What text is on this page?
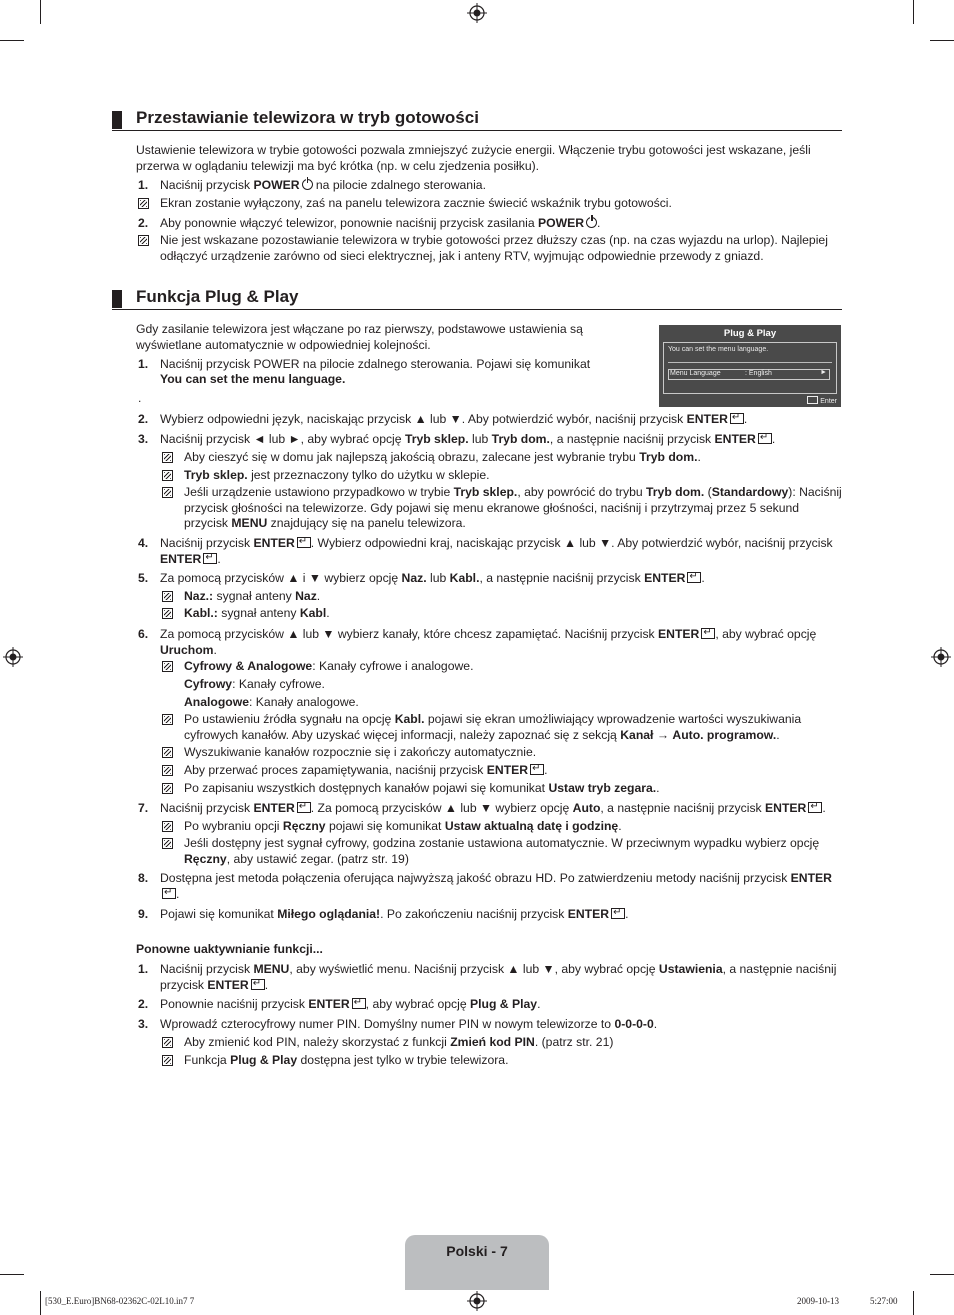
Przestawianie telewizora w tryb gotowości
Ustawienie telewizora w trybie gotowości pozwala zmniejszyć zużycie energii. Włączenie trybu gotowości jest wskazane, jeśli przerwa w oglądaniu telewizji ma być krótka (np. w celu zjedzenia posiłku).
1. Naciśnij przycisk POWER na pilocie zdalnego sterowania.
Ekran zostanie wyłączony, zaś na panelu telewizora zacznie świecić wskaźnik trybu gotowości.
2. Aby ponownie włączyć telewizor, ponownie naciśnij przycisk zasilania POWER .
Nie jest wskazane pozostawianie telewizora w trybie gotowości przez dłuższy czas (np. na czas wyjazdu na urlop). Najlepiej odłączyć urządzenie zarówno od sieci elektrycznej, jak i anteny RTV, wyjmując odpowiednie przewody z gniazd.
Funkcja Plug & Play
Gdy zasilanie telewizora jest włączane po raz pierwszy, podstawowe ustawienia są wyświetlane automatycznie w odpowiedniej kolejności.
Plug & Play
You can set the menu language.
Menu Language	: English	►
Enter
1. Naciśnij przycisk POWER na pilocie zdalnego sterowania. Pojawi się komunikat
You can set the menu language.
.
2. Wybierz odpowiedni język, naciskając przycisk ▲ lub ▼. Aby potwierdzić wybór, naciśnij przycisk ENTER ↵ .
3. Naciśnij przycisk ◄ lub ►, aby wybrać opcję Tryb sklep. lub Tryb dom., a następnie naciśnij przycisk ENTER ↵ .
Aby cieszyć się w domu jak najlepszą jakością obrazu, zalecane jest wybranie trybu Tryb dom..
Tryb sklep. jest przeznaczony tylko do użytku w sklepie.
Jeśli urządzenie ustawiono przypadkowo w trybie Tryb sklep., aby powrócić do trybu Tryb dom. (Standardowy): Naciśnij przycisk głośności na telewizorze. Gdy pojawi się menu ekranowe głośności, naciśnij i przytrzymaj przez 5 sekund przycisk MENU znajdujący się na panelu telewizora.
4. Naciśnij przycisk ENTER ↵ . Wybierz odpowiedni kraj, naciskając przycisk ▲ lub ▼. Aby potwierdzić wybór, naciśnij przycisk ENTER ↵ .
5. Za pomocą przycisków ▲ i ▼ wybierz opcję Naz. lub Kabl., a następnie naciśnij przycisk ENTER ↵ .
Naz.: sygnał anteny Naz.
Kabl.: sygnał anteny Kabl.
6. Za pomocą przycisków ▲ lub ▼ wybierz kanały, które chcesz zapamiętać. Naciśnij przycisk ENTER ↵ , aby wybrać opcję Uruchom.
Cyfrowy & Analogowe: Kanały cyfrowe i analogowe.
Cyfrowy: Kanały cyfrowe.
Analogowe: Kanały analogowe.
Po ustawieniu źródła sygnału na opcję Kabl. pojawi się ekran umożliwiający wprowadzenie wartości wyszukiwania cyfrowych kanałów. Aby uzyskać więcej informacji, należy zapoznać się z sekcją Kanał → Auto. programow..
Wyszukiwanie kanałów rozpocznie się i zakończy automatycznie.
Aby przerwać proces zapamiętywania, naciśnij przycisk ENTER ↵ .
Po zapisaniu wszystkich dostępnych kanałów pojawi się komunikat Ustaw tryb zegara..
7. Naciśnij przycisk ENTER ↵ . Za pomocą przycisków ▲ lub ▼ wybierz opcję Auto, a następnie naciśnij przycisk ENTER ↵ .
Po wybraniu opcji Ręczny pojawi się komunikat Ustaw aktualną datę i godzinę.
Jeśli dostępny jest sygnał cyfrowy, godzina zostanie ustawiona automatycznie. W przeciwnym wypadku wybierz opcję Ręczny, aby ustawić zegar. (patrz str. 19)
8. Dostępna jest metoda połączenia oferująca najwyższą jakość obrazu HD. Po zatwierdzeniu metody naciśnij przycisk ENTER↵.
9. Pojawi się komunikat Miłego oglądania!. Po zakończeniu naciśnij przycisk ENTER ↵ .
Ponowne uaktywnianie funkcji...
1. Naciśnij przycisk MENU, aby wyświetlić menu. Naciśnij przycisk ▲ lub ▼, aby wybrać opcję Ustawienia, a następnie naciśnij przycisk ENTER ↵ .
2. Ponownie naciśnij przycisk ENTER ↵ , aby wybrać opcję Plug & Play.
3. Wprowadź czterocyfrowy numer PIN. Domyślny numer PIN w nowym telewizorze to 0-0-0-0.
Aby zmienić kod PIN, należy skorzystać z funkcji Zmień kod PIN. (patrz str. 21)
Funkcja Plug & Play dostępna jest tylko w trybie telewizora.
Polski - 7
[530_E.Euro]BN68-02362C-02L10.in7 7	2009-10-13	5:27:00
